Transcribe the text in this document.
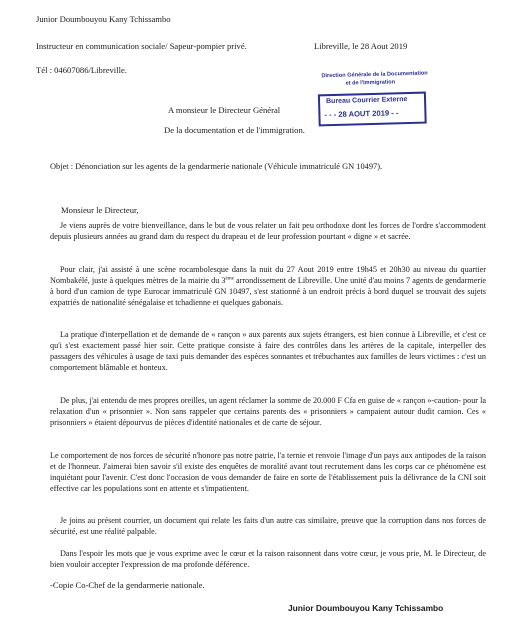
Junior Doumbouyou Kany Tchissambo
Instructeur en communication sociale/ Sapeur-pompier privé.
Tél : 04607086/Libreville.
Libreville, le 28 Aout 2019
Direction Générale de la Documentation
et de l'Immigration
Bureau Courrier Externe
- - - 28 AOUT 2019 - -
A monsieur le Directeur Général
De la documentation et de l'immigration.
Objet : Dénonciation sur les agents de la gendarmerie nationale (Véhicule immatriculé GN 10497).
Monsieur le Directeur,
Je viens auprès de votre bienveillance, dans le but de vous relater un fait peu orthodoxe dont les forces de l'ordre s'accommodent depuis plusieurs années au grand dam du respect du drapeau et de leur profession pourtant « digne » et sacrée.
Pour clair, j'ai assisté à une scène rocambolesque dans la nuit du 27 Aout 2019 entre 19h45 et 20h30 au niveau du quartier Nombakélé, juste à quelques mètres de la mairie du 3ème arrondissement de Libreville. Une unité d'au moins 7 agents de gendarmerie à bord d'un camion de type Eurocar immatriculé GN 10497, s'est stationné à un endroit précis à bord duquel se trouvait des sujets expatriés de nationalité sénégalaise et tchadienne et quelques gabonais.
La pratique d'interpellation et de demande de « rançon » aux parents aux sujets étrangers, est bien connue à Libreville, et c'est ce qu'i s'est exactement passé hier soir. Cette pratique consiste à faire des contrôles dans les artères de la capitale, interpeller des passagers des véhicules à usage de taxi puis demander des espèces sonnantes et trébuchantes aux familles de leurs victimes : c'est un comportement blâmable et honteux.
De plus, j'ai entendu de mes propres oreilles, un agent réclamer la somme de 20.000 F Cfa en guise de « rançon »-caution- pour la relaxation d'un « prisonnier ». Non sans rappeler que certains parents des « prisonniers » campaient autour dudit camion. Ces « prisonniers » étaient dépourvus de pièces d'identité nationales et de carte de séjour.
Le comportement de nos forces de sécurité n'honore pas notre patrie, l'a ternie et renvoie l'image d'un pays aux antipodes de la raison et de l'honneur. J'aimerai bien savoir s'il existe des enquêtes de moralité avant tout recrutement dans les corps car ce phénomène est inquiétant pour l'avenir. C'est donc l'occasion de vous demander de faire en sorte de l'établissement puis la délivrance de la CNI soit effective car les populations sont en attente et s'impatientent.
Je joins au présent courrier, un document qui relate les faits d'un autre cas similaire, preuve que la corruption dans nos forces de sécurité, est une réalité palpable.
Dans l'espoir les mots que je vous exprime avec le cœur et la raison raisonnent dans votre cœur, je vous prie, M. le Directeur, de bien vouloir accepter l'expression de ma profonde déférence.
-Copie Co-Chef de la gendarmerie nationale.
Junior Doumbouyou Kany Tchissambo
